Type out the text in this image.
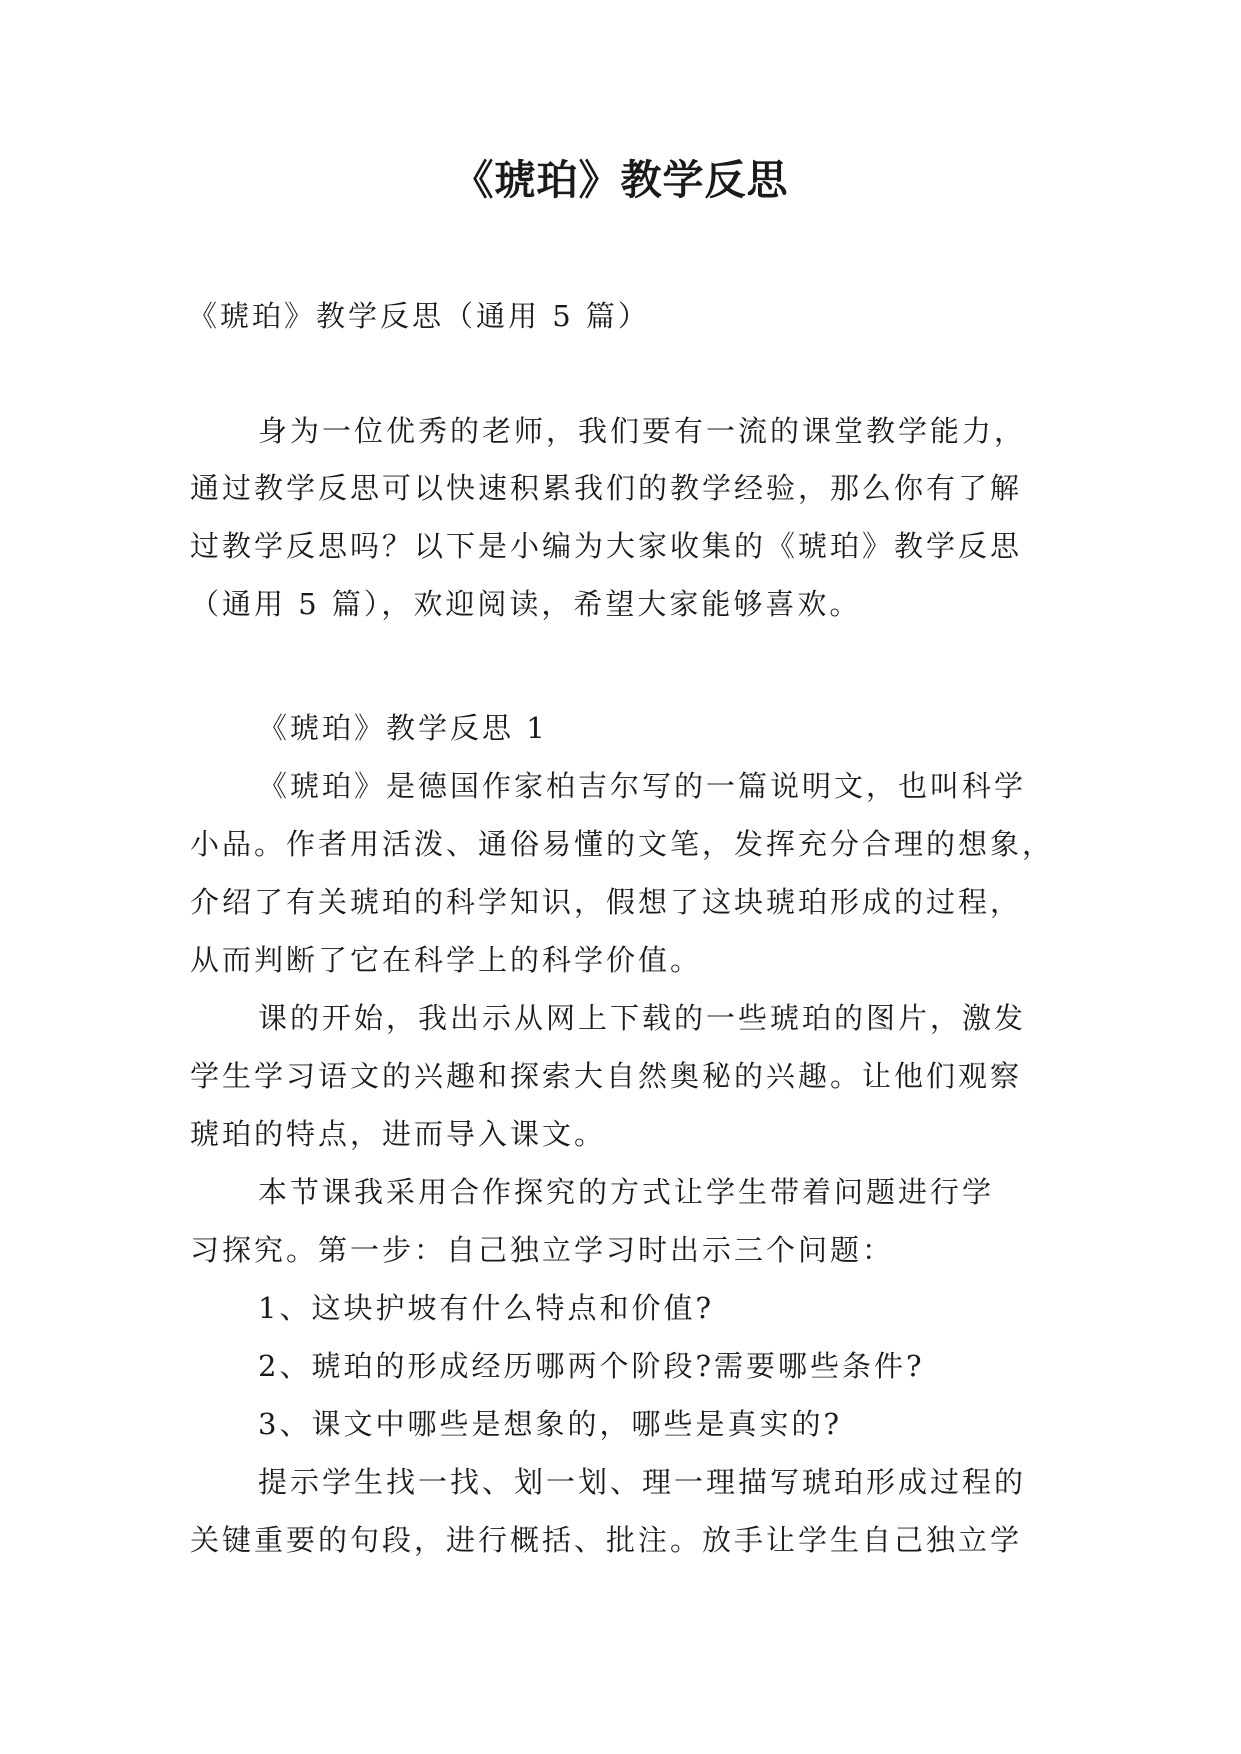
《琥珀》教学反思
《琥珀》教学反思（通用 5 篇）
身为一位优秀的老师，我们要有一流的课堂教学能力，
通过教学反思可以快速积累我们的教学经验，那么你有了解
过教学反思吗？以下是小编为大家收集的《琥珀》教学反思
（通用 5 篇），欢迎阅读，希望大家能够喜欢。
《琥珀》教学反思 1
《琥珀》是德国作家柏吉尔写的一篇说明文，也叫科学
小品。作者用活泼、通俗易懂的文笔，发挥充分合理的想象，
介绍了有关琥珀的科学知识，假想了这块琥珀形成的过程，
从而判断了它在科学上的科学价值。
课的开始，我出示从网上下载的一些琥珀的图片，激发
学生学习语文的兴趣和探索大自然奥秘的兴趣。让他们观察
琥珀的特点，进而导入课文。
本节课我采用合作探究的方式让学生带着问题进行学
习探究。第一步：自己独立学习时出示三个问题：
1、这块护坡有什么特点和价值?
2、琥珀的形成经历哪两个阶段?需要哪些条件?
3、课文中哪些是想象的，哪些是真实的?
提示学生找一找、划一划、理一理描写琥珀形成过程的
关键重要的句段，进行概括、批注。放手让学生自己独立学
